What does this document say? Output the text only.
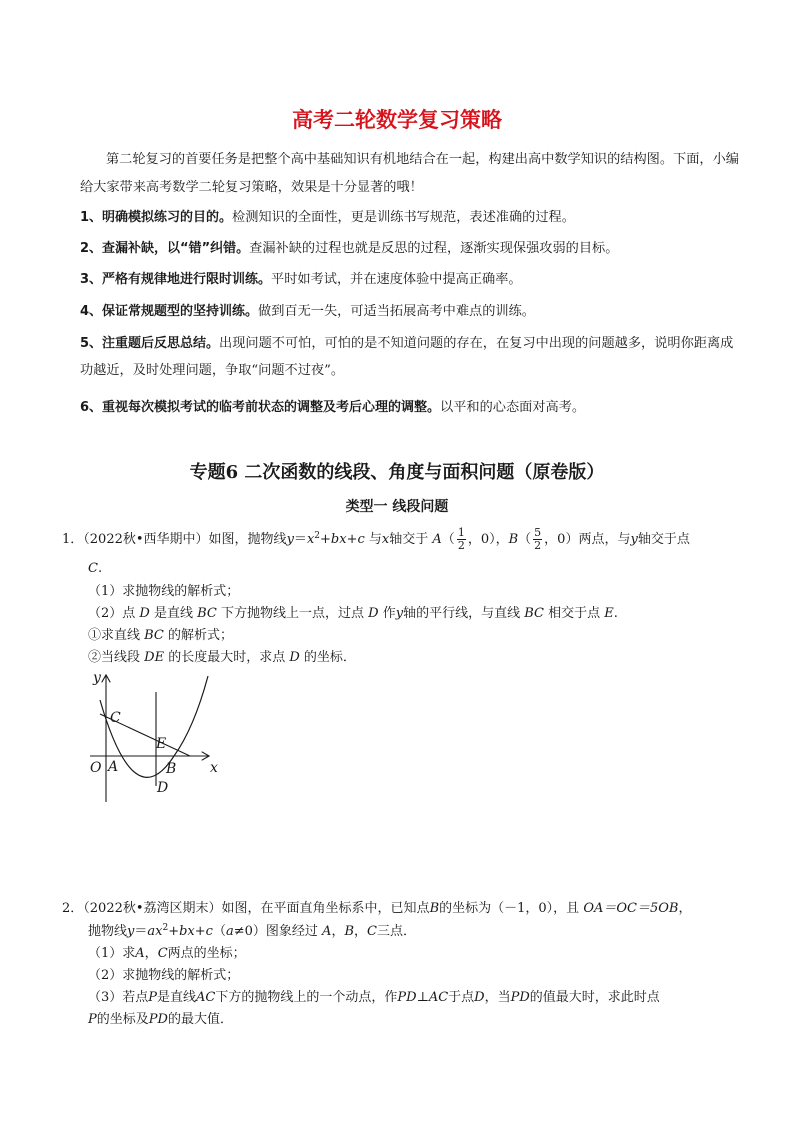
高考二轮数学复习策略
第二轮复习的首要任务是把整个高中基础知识有机地结合在一起，构建出高中数学知识的结构图。下面，小编给大家带来高考数学二轮复习策略，效果是十分显著的哦！
1、明确模拟练习的目的。检测知识的全面性，更是训练书写规范，表述准确的过程。
2、查漏补缺，以“错”纠错。查漏补缺的过程也就是反思的过程，逐渐实现保强攻弱的目标。
3、严格有规律地进行限时训练。平时如考试，并在速度体验中提高正确率。
4、保证常规题型的坚持训练。做到百无一失，可适当拓展高考中难点的训练。
5、注重题后反思总结。出现问题不可怕，可怕的是不知道问题的存在，在复习中出现的问题越多，说明你距离成功越近，及时处理问题，争取“问题不过夜”。
6、重视每次模拟考试的临考前状态的调整及考后心理的调整。以平和的心态面对高考。
专题6 二次函数的线段、角度与面积问题（原卷版）
类型一 线段问题
1．（2022秋•西华期中）如图，抛物线$y=x^2+bx+c$ 与x轴交于 $A( \frac{1}{2}$ ，0），$B( \frac{5}{2}$ ，0）两点，与y轴交于点
C.
（1）求抛物线的解析式；
（2）点 D 是直线 BC 下方抛物线上一点，过点 D 作y轴的平行线，与直线 BC 相交于点 E.
①求直线 BC 的解析式；
②当线段 DE 的长度最大时，求点 D 的坐标．
y
x
O A	B
C
D
E
2．（2022秋•荔湾区期末）如图，在平面直角坐标系中，已知点B的坐标为（－1，0），且 OA＝OC＝5OB，
抛物线$y=ax^2+bx+c(a\ne 0)$图象经过 A，B，C三点．
（1）求A，C两点的坐标；
（2）求抛物线的解析式；
（3）若点P是直线AC下方的抛物线上的一个动点，作PD⊥AC于点D，当PD的值最大时，求此时点
P的坐标及PD的最大值．
